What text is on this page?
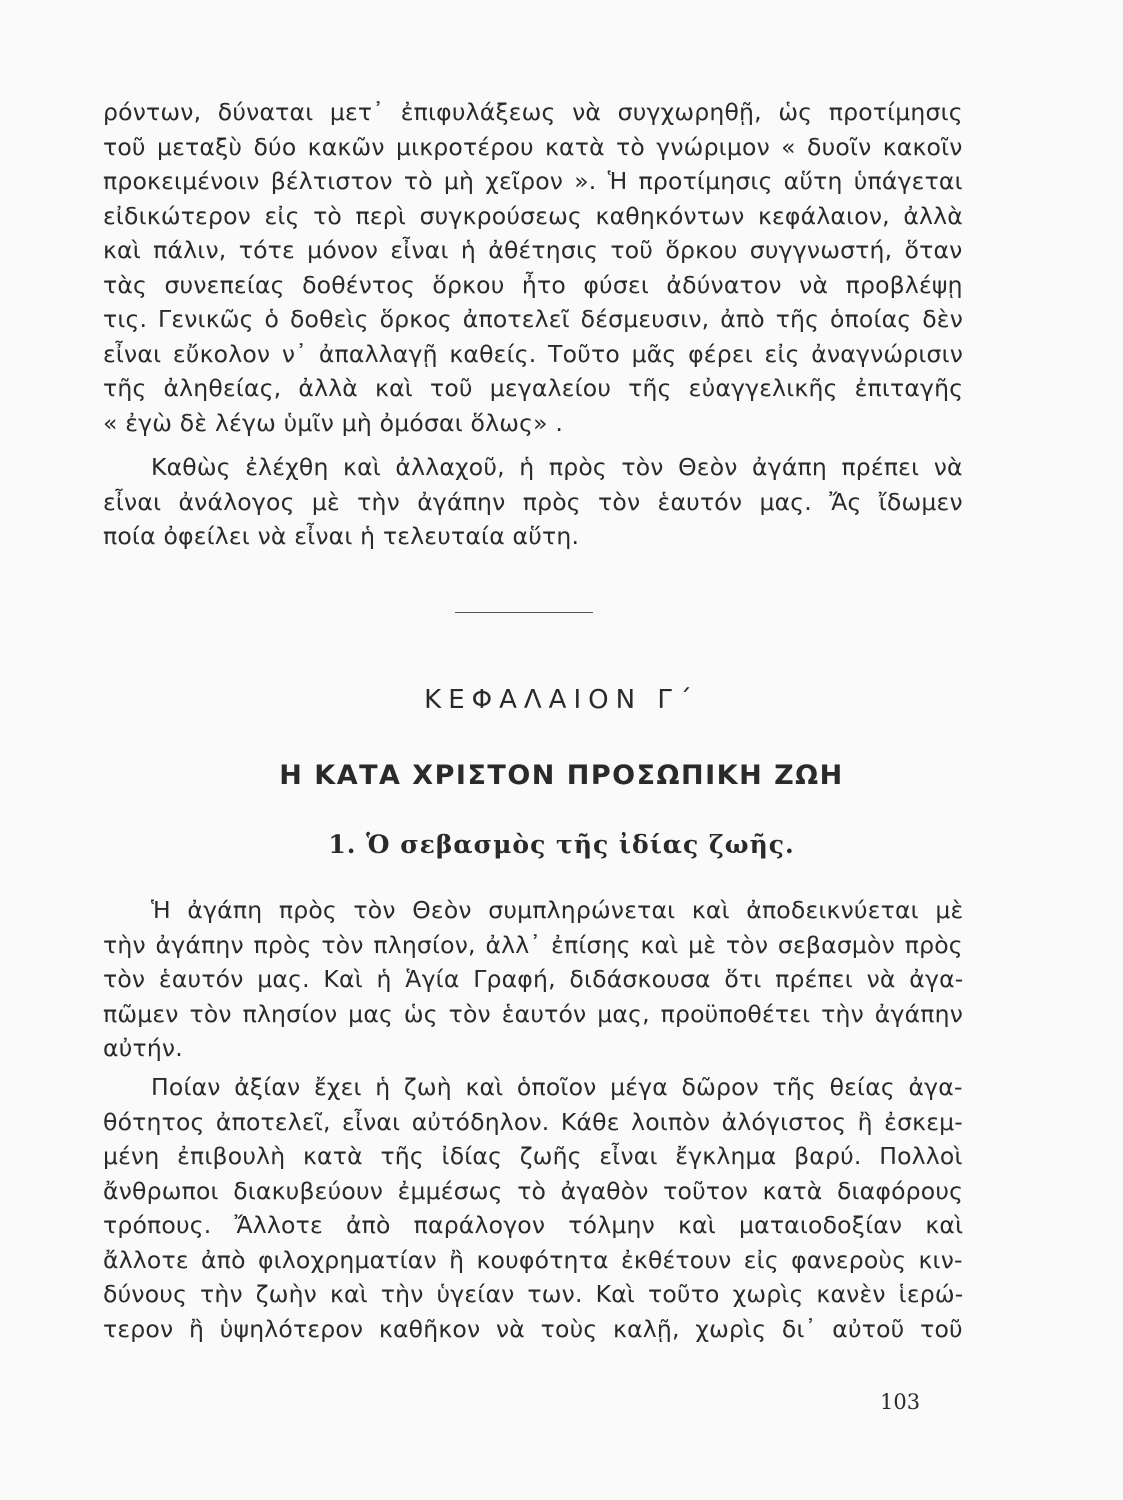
ρόντων, δύναται μετ᾽ ἐπιφυλάξεως νὰ συγχωρηθῇ, ὡς προτίμησις
τοῦ μεταξὺ δύο κακῶν μικροτέρου κατὰ τὸ γνώριμον « δυοῖν κακοῖν
προκειμένοιν βέλτιστον τὸ μὴ χεῖρον ». Ἡ προτίμησις αὕτη ὑπάγεται
εἰδικώτερον εἰς τὸ περὶ συγκρούσεως καθηκόντων κεφάλαιον, ἀλλὰ
καὶ πάλιν, τότε μόνον εἶναι ἡ ἀθέτησις τοῦ ὅρκου συγγνωστή, ὅταν
τὰς συνεπείας δοθέντος ὅρκου ἦτο φύσει ἀδύνατον νὰ προβλέψῃ
τις. Γενικῶς ὁ δοθεὶς ὅρκος ἀποτελεῖ δέσμευσιν, ἀπὸ τῆς ὁποίας δὲν
εἶναι εὔκολον ν᾽ ἀπαλλαγῇ καθείς. Τοῦτο μᾶς φέρει εἰς ἀναγνώρισιν
τῆς ἀληθείας, ἀλλὰ καὶ τοῦ μεγαλείου τῆς εὐαγγελικῆς ἐπιταγῆς
« ἐγὼ δὲ λέγω ὑμῖν μὴ ὀμόσαι ὅλως» .

Καθὼς ἐλέχθη καὶ ἀλλαχοῦ, ἡ πρὸς τὸν Θεὸν ἀγάπη πρέπει νὰ
εἶναι ἀνάλογος μὲ τὴν ἀγάπην πρὸς τὸν ἑαυτόν μας. Ἄς ἴδωμεν
ποία ὀφείλει νὰ εἶναι ἡ τελευταία αὕτη.

ΚΕΦΑΛΑΙΟΝ Γ΄
Η ΚΑΤΑ ΧΡΙΣΤΟΝ ΠΡΟΣΩΠΙΚΗ ΖΩΗ
1. Ὁ σεβασμὸς τῆς ἰδίας ζωῆς.

Ἡ ἀγάπη πρὸς τὸν Θεὸν συμπληρώνεται καὶ ἀποδεικνύεται μὲ
τὴν ἀγάπην πρὸς τὸν πλησίον, ἀλλ᾽ ἐπίσης καὶ μὲ τὸν σεβασμὸν πρὸς
τὸν ἑαυτόν μας. Καὶ ἡ Ἁγία Γραφή, διδάσκουσα ὅτι πρέπει νὰ ἀγα-
πῶμεν τὸν πλησίον μας ὡς τὸν ἑαυτόν μας, προϋποθέτει τὴν ἀγάπην
αὐτήν.

Ποίαν ἀξίαν ἔχει ἡ ζωὴ καὶ ὁποῖον μέγα δῶρον τῆς θείας ἀγα-
θότητος ἀποτελεῖ, εἶναι αὐτόδηλον. Κάθε λοιπὸν ἀλόγιστος ἢ ἐσκεμ-
μένη ἐπιβουλὴ κατὰ τῆς ἰδίας ζωῆς εἶναι ἔγκλημα βαρύ. Πολλοὶ
ἄνθρωποι διακυβεύουν ἐμμέσως τὸ ἀγαθὸν τοῦτον κατὰ διαφόρους
τρόπους. Ἄλλοτε ἀπὸ παράλογον τόλμην καὶ ματαιοδοξίαν καὶ
ἄλλοτε ἀπὸ φιλοχρηματίαν ἢ κουφότητα ἐκθέτουν εἰς φανεροὺς κιν-
δύνους τὴν ζωὴν καὶ τὴν ὑγείαν των. Καὶ τοῦτο χωρὶς κανὲν ἱερώ-
τερον ἢ ὑψηλότερον καθῆκον νὰ τοὺς καλῇ, χωρὶς δι᾽ αὐτοῦ τοῦ

103
